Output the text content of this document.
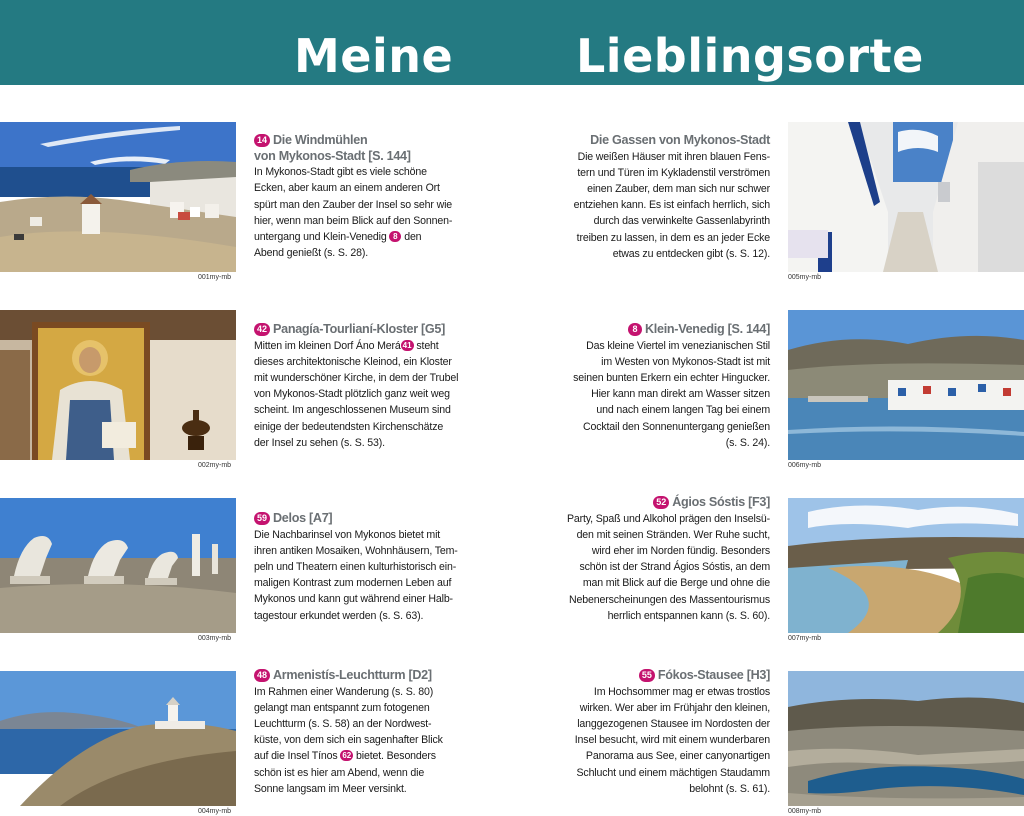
Meine	Lieblingsorte
001my-mb
14 Die Windmühlen
von Mykonos-Stadt [S. 144]
In Mykonos-Stadt gibt es viele schöne
Ecken, aber kaum an einem anderen Ort
spürt man den Zauber der Insel so sehr wie
hier, wenn man beim Blick auf den Sonnen-
untergang und Klein-Venedig 8 den
Abend genießt (s. S. 28).
Die Gassen von Mykonos-Stadt
Die weißen Häuser mit ihren blauen Fens-
tern und Türen im Kykladenstil verströmen
einen Zauber, dem man sich nur schwer
entziehen kann. Es ist einfach herrlich, sich
durch das verwinkelte Gassenlabyrinth
treiben zu lassen, in dem es an jeder Ecke
etwas zu entdecken gibt (s. S. 12).
005my-mb
002my-mb
42 Panagía-Tourlianí-Kloster [G5]
Mitten im kleinen Dorf Áno Merá 41 steht
dieses architektonische Kleinod, ein Kloster
mit wunderschöner Kirche, in dem der Trubel
von Mykonos-Stadt plötzlich ganz weit weg
scheint. Im angeschlossenen Museum sind
einige der bedeutendsten Kirchenschätze
der Insel zu sehen (s. S. 53).
8 Klein-Venedig [S. 144]
Das kleine Viertel im venezianischen Stil
im Westen von Mykonos-Stadt ist mit
seinen bunten Erkern ein echter Hingucker.
Hier kann man direkt am Wasser sitzen
und nach einem langen Tag bei einem
Cocktail den Sonnenuntergang genießen
(s. S. 24).
006my-mb
003my-mb
59 Delos [A7]
Die Nachbarinsel von Mykonos bietet mit
ihren antiken Mosaiken, Wohnhäusern, Tem-
peln und Theatern einen kulturhistorisch ein-
maligen Kontrast zum modernen Leben auf
Mykonos und kann gut während einer Halb-
tagestour erkundet werden (s. S. 63).
52 Ágios Sóstis [F3]
Party, Spaß und Alkohol prägen den Inselsü-
den mit seinen Stränden. Wer Ruhe sucht,
wird eher im Norden fündig. Besonders
schön ist der Strand Ágios Sóstis, an dem
man mit Blick auf die Berge und ohne die
Nebenerscheinungen des Massentourismus
herrlich entspannen kann (s. S. 60).
007my-mb
004my-mb
48 Armenistís-Leuchtturm [D2]
Im Rahmen einer Wanderung (s. S. 80)
gelangt man entspannt zum fotogenen
Leuchtturm (s. S. 58) an der Nordwest-
küste, von dem sich ein sagenhafter Blick
auf die Insel Tínos 62 bietet. Besonders
schön ist es hier am Abend, wenn die
Sonne langsam im Meer versinkt.
55 Fókos-Stausee [H3]
Im Hochsommer mag er etwas trostlos
wirken. Wer aber im Frühjahr den kleinen,
langgezogenen Stausee im Nordosten der
Insel besucht, wird mit einem wunderbaren
Panorama aus See, einer canyonartigen
Schlucht und einem mächtigen Staudamm
belohnt (s. S. 61).
008my-mb
